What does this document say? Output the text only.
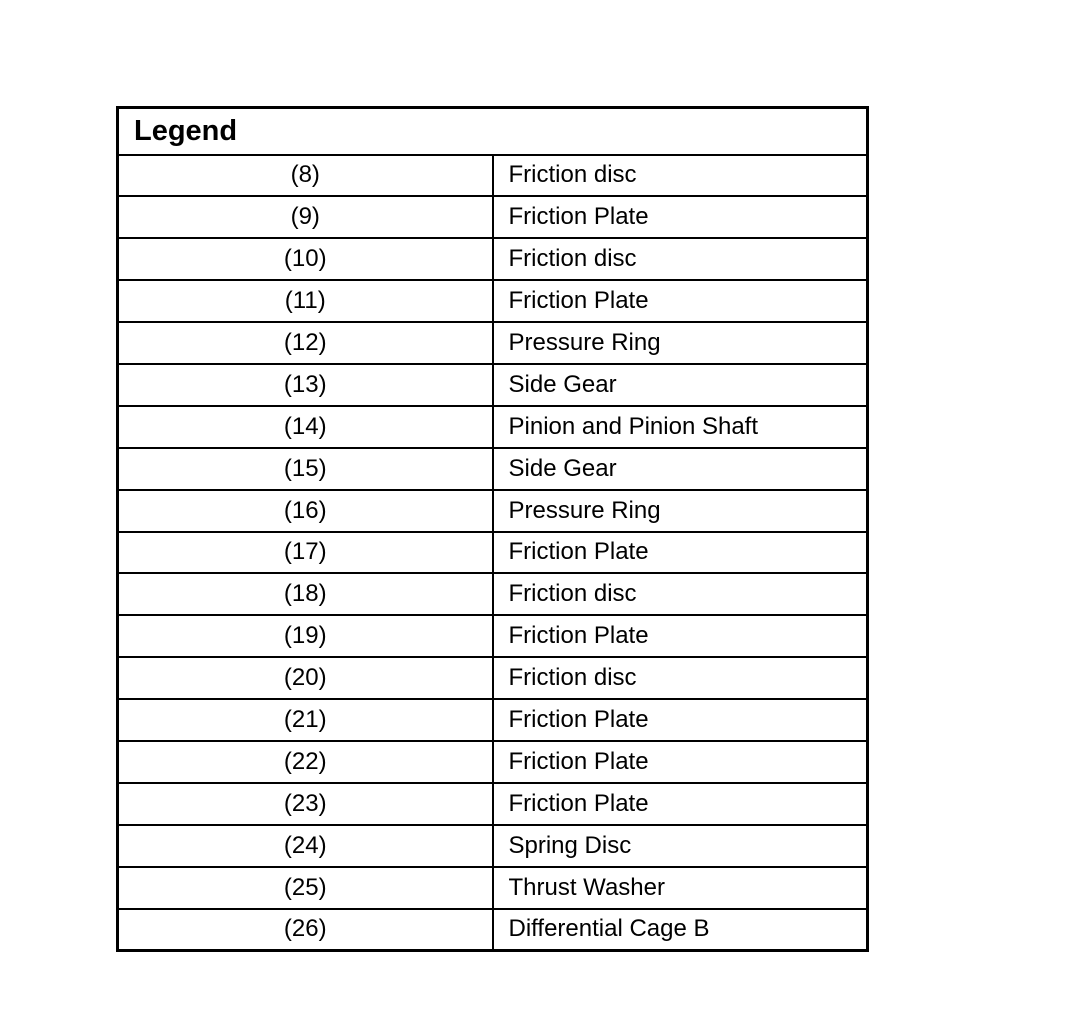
Legend	
(8)	Friction disc
(9)	Friction Plate
(10)	Friction disc
(11)	Friction Plate
(12)	Pressure Ring
(13)	Side Gear
(14)	Pinion and Pinion Shaft
(15)	Side Gear
(16)	Pressure Ring
(17)	Friction Plate
(18)	Friction disc
(19)	Friction Plate
(20)	Friction disc
(21)	Friction Plate
(22)	Friction Plate
(23)	Friction Plate
(24)	Spring Disc
(25)	Thrust Washer
(26)	Differential Cage B
